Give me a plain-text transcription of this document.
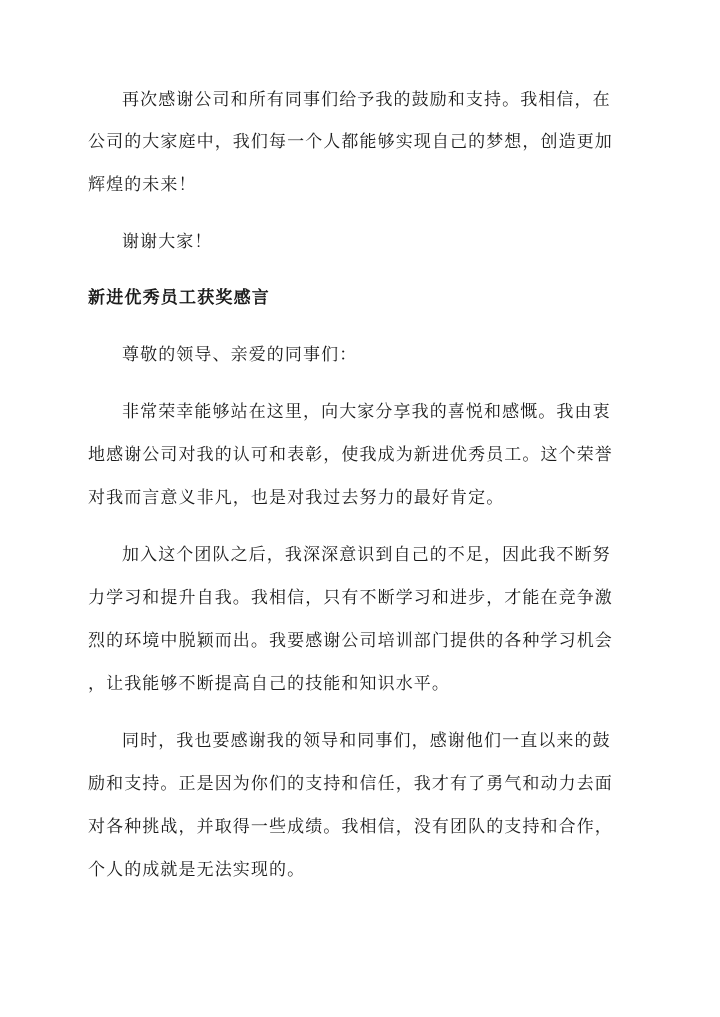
再次感谢公司和所有同事们给予我的鼓励和支持。我相信，在
公司的大家庭中，我们每一个人都能够实现自己的梦想，创造更加
辉煌的未来！
谢谢大家！
新进优秀员工获奖感言
尊敬的领导、亲爱的同事们：
非常荣幸能够站在这里，向大家分享我的喜悦和感慨。我由衷
地感谢公司对我的认可和表彰，使我成为新进优秀员工。这个荣誉
对我而言意义非凡，也是对我过去努力的最好肯定。
加入这个团队之后，我深深意识到自己的不足，因此我不断努
力学习和提升自我。我相信，只有不断学习和进步，才能在竞争激
烈的环境中脱颖而出。我要感谢公司培训部门提供的各种学习机会
，让我能够不断提高自己的技能和知识水平。
同时，我也要感谢我的领导和同事们，感谢他们一直以来的鼓
励和支持。正是因为你们的支持和信任，我才有了勇气和动力去面
对各种挑战，并取得一些成绩。我相信，没有团队的支持和合作，
个人的成就是无法实现的。
